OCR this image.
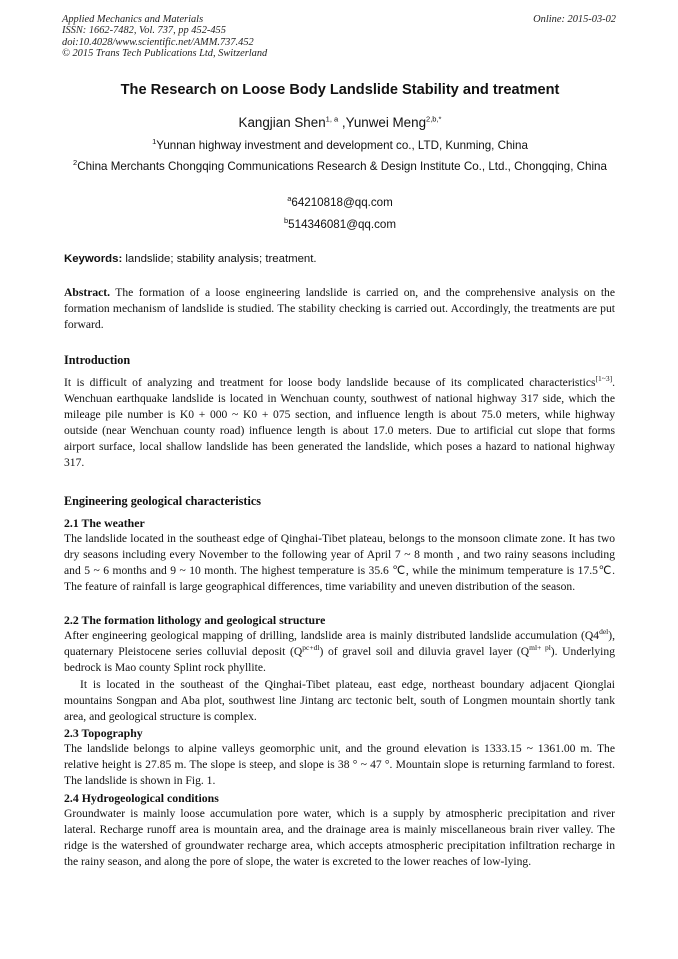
Applied Mechanics and Materials
ISSN: 1662-7482, Vol. 737, pp 452-455
doi:10.4028/www.scientific.net/AMM.737.452
© 2015 Trans Tech Publications Ltd, Switzerland
Online: 2015-03-02
The Research on Loose Body Landslide Stability and treatment
Kangjian Shen$^{1, a}$ ,Yunwei Meng$^{2,b,*}$
$^1$Yunnan highway investment and development co., LTD, Kunming, China
$^2$China Merchants Chongqing Communications Research & Design Institute Co., Ltd., Chongqing, China
$^a$64210818@qq.com
$^b$514346081@qq.com
Keywords: landslide; stability analysis; treatment.
Abstract. The formation of a loose engineering landslide is carried on, and the comprehensive analysis on the formation mechanism of landslide is studied. The stability checking is carried out. Accordingly, the treatments are put forward.
Introduction
It is difficult of analyzing and treatment for loose body landslide because of its complicated characteristics[1~3]. Wenchuan earthquake landslide is located in Wenchuan county, southwest of national highway 317 side, which the mileage pile number is K0 + 000 ~ K0 + 075 section, and influence length is about 75.0 meters, while highway outside (near Wenchuan county road) influence length is about 17.0 meters. Due to artificial cut slope that forms airport surface, local shallow landslide has been generated the landslide, which poses a hazard to national highway 317.
Engineering geological characteristics
2.1 The weather
The landslide located in the southeast edge of Qinghai-Tibet plateau, belongs to the monsoon climate zone. It has two dry seasons including every November to the following year of April 7 ~ 8 month , and two rainy seasons including and 5 ~ 6 months and 9 ~ 10 month. The highest temperature is 35.6 ℃, while the minimum temperature is 17.5℃. The feature of rainfall is large geographical differences, time variability and uneven distribution of the season.
2.2 The formation lithology and geological structure
After engineering geological mapping of drilling, landslide area is mainly distributed landslide accumulation $(Q4^{del})$, quaternary Pleistocene series colluvial deposit $(Q^{pc+dl})$ of gravel soil and diluvia gravel layer $(Q^{ml+ pl})$. Underlying bedrock is Mao county Splint rock phyllite.
It is located in the southeast of the Qinghai-Tibet plateau, east edge, northeast boundary adjacent Qionglai mountains Songpan and Aba plot, southwest line Jintang arc tectonic belt, south of Longmen mountain shortly tank area, and geological structure is complex.
2.3 Topography
The landslide belongs to alpine valleys geomorphic unit, and the ground elevation is 1333.15 ~ 1361.00 m. The relative height is 27.85 m. The slope is steep, and slope is 38 ° ~ 47 °. Mountain slope is returning farmland to forest. The landslide is shown in Fig. 1.
2.4 Hydrogeological conditions
Groundwater is mainly loose accumulation pore water, which is a supply by atmospheric precipitation and river lateral. Recharge runoff area is mountain area, and the drainage area is mainly miscellaneous brain river valley. The ridge is the watershed of groundwater recharge area, which accepts atmospheric precipitation infiltration recharge in the rainy season, and along the pore of slope, the water is excreted to the lower reaches of low-lying.
